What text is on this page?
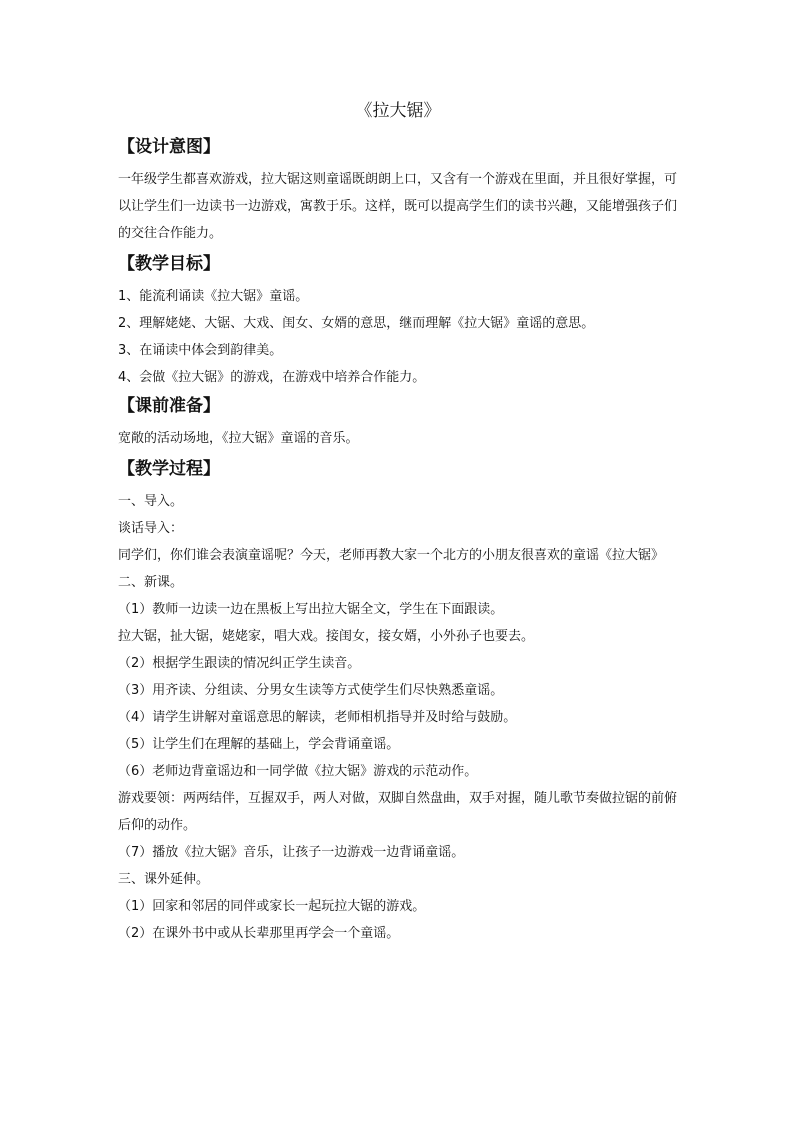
《拉大锯》
【设计意图】

一年级学生都喜欢游戏，拉大锯这则童谣既朗朗上口，又含有一个游戏在里面，并且很好掌握，可以让学生们一边读书一边游戏，寓教于乐。这样，既可以提高学生们的读书兴趣，又能增强孩子们的交往合作能力。

【教学目标】
1、能流利诵读《拉大锯》童谣。
2、理解姥姥、大锯、大戏、闺女、女婿的意思，继而理解《拉大锯》童谣的意思。
3、在诵读中体会到韵律美。
4、会做《拉大锯》的游戏，在游戏中培养合作能力。
【课前准备】
宽敞的活动场地，《拉大锯》童谣的音乐。
【教学过程】
一、导入。
谈话导入：

同学们，你们谁会表演童谣呢？今天，老师再教大家一个北方的小朋友很喜欢的童谣《拉大锯》

二、新课。
（1）教师一边读一边在黑板上写出拉大锯全文，学生在下面跟读。
拉大锯，扯大锯，姥姥家，唱大戏。接闺女，接女婿，小外孙子也要去。
（2）根据学生跟读的情况纠正学生读音。
（3）用齐读、分组读、分男女生读等方式使学生们尽快熟悉童谣。
（4）请学生讲解对童谣意思的解读，老师相机指导并及时给与鼓励。
（5）让学生们在理解的基础上，学会背诵童谣。
（6）老师边背童谣边和一同学做《拉大锯》游戏的示范动作。

游戏要领：两两结伴，互握双手，两人对做，双脚自然盘曲，双手对握，随儿歌节奏做拉锯的前俯后仰的动作。

（7）播放《拉大锯》音乐，让孩子一边游戏一边背诵童谣。
三、课外延伸。
（1）回家和邻居的同伴或家长一起玩拉大锯的游戏。
（2）在课外书中或从长辈那里再学会一个童谣。
